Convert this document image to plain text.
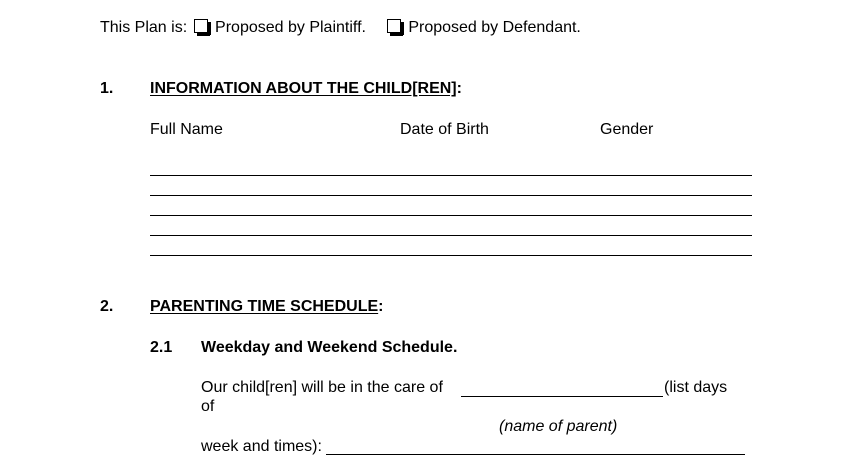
This Plan is: Proposed by Plaintiff.	Proposed by Defendant.
1. INFORMATION ABOUT THE CHILD[REN]:
Full Name	Date of Birth	Gender
2. PARENTING TIME SCHEDULE:
2.1 Weekday and Weekend Schedule.
Our child[ren] will be in the care of	(list days
of
(name of parent)
week and times):
